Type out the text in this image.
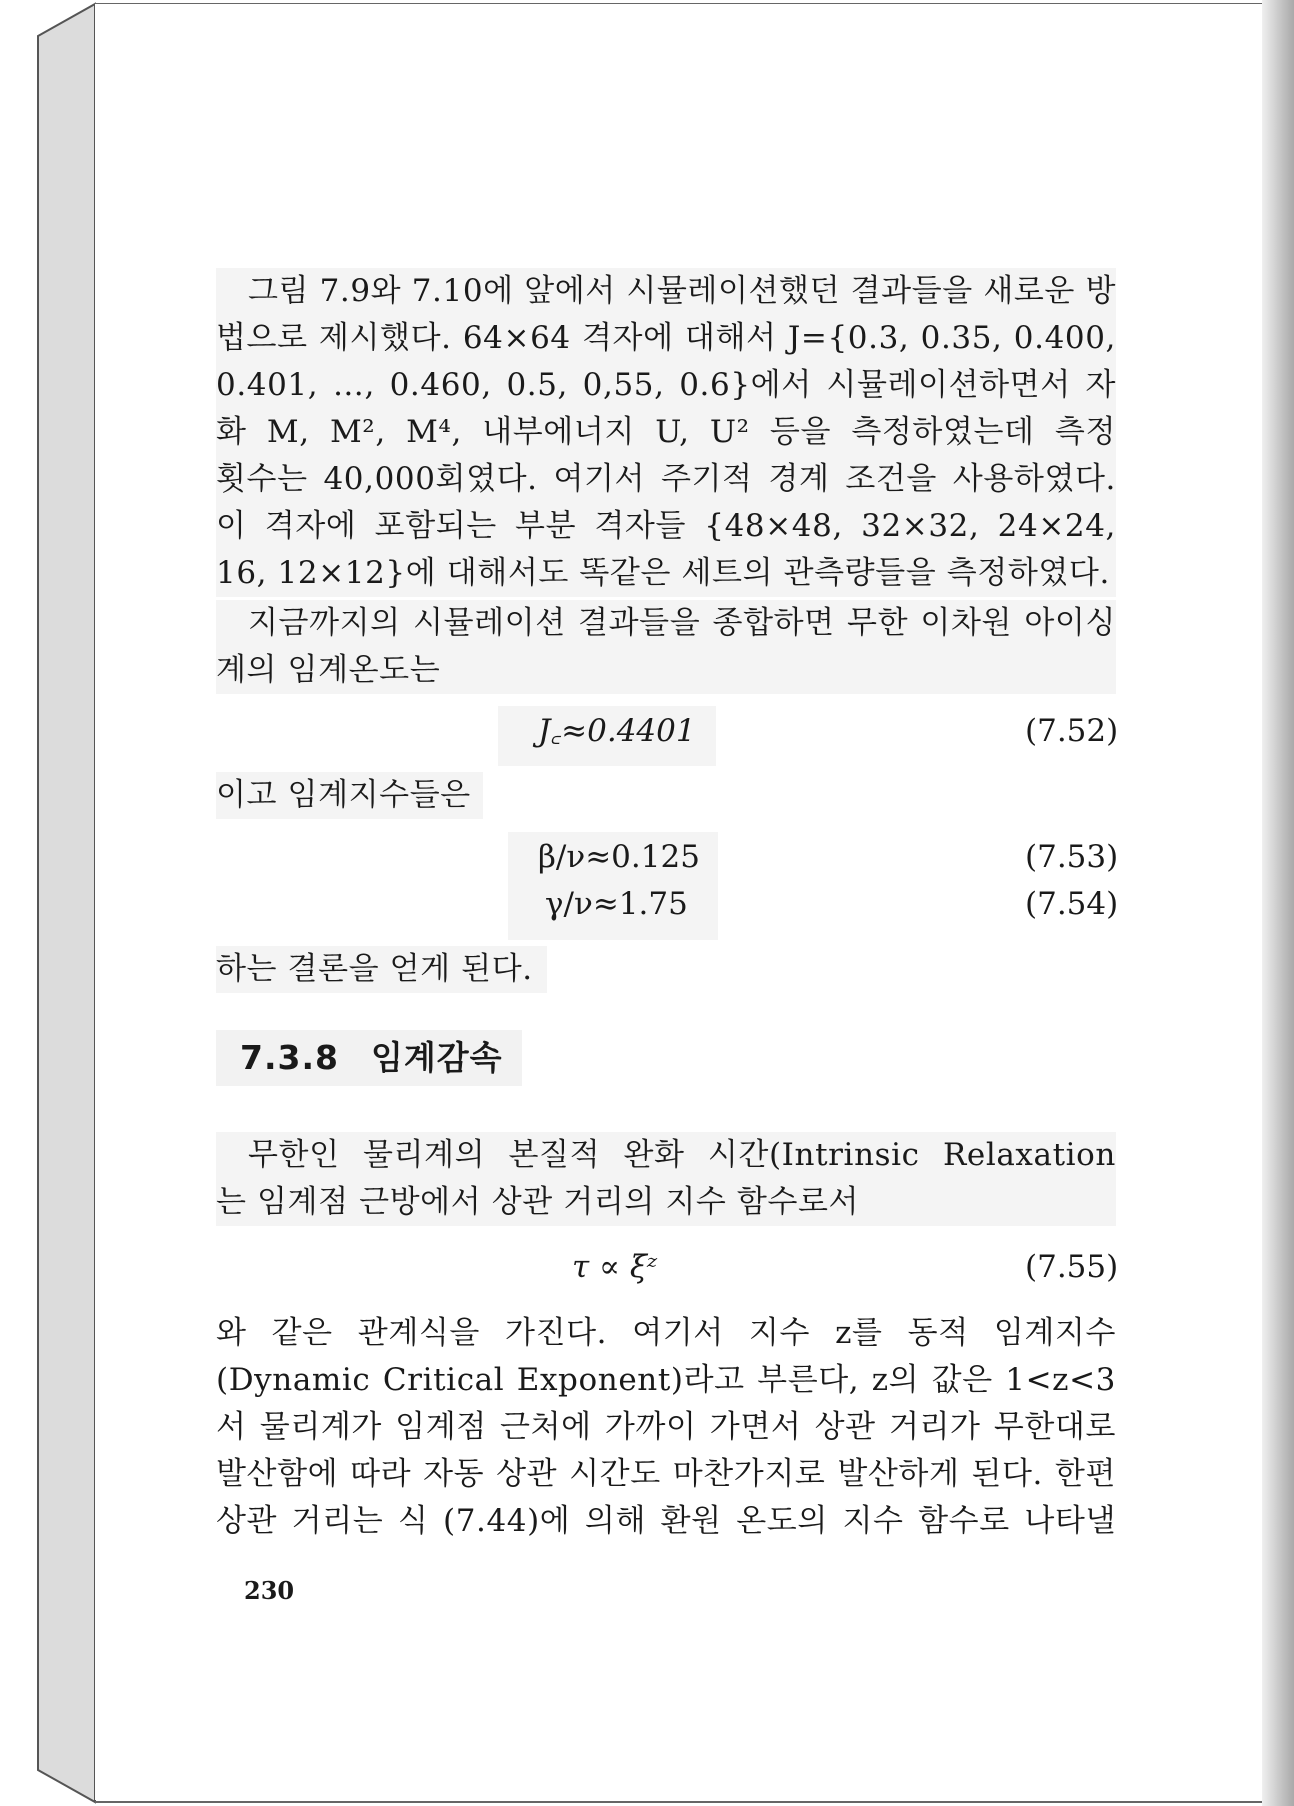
그림 7.9와 7.10에 앞에서 시뮬레이션했던 결과들을 새로운 방
법으로 제시했다. 64×64 격자에 대해서 J={0.3, 0.35, 0.400,
0.401, …, 0.460, 0.5, 0,55, 0.6}에서 시뮬레이션하면서 자
화 M, M², M⁴, 내부에너지 U, U² 등을 측정하였는데 측정
횟수는 40,000회였다. 여기서 주기적 경계 조건을 사용하였다.
이 격자에 포함되는 부분 격자들 {48×48, 32×32, 24×24,
16, 12×12}에 대해서도 똑같은 세트의 관측량들을 측정하였다.
지금까지의 시뮬레이션 결과들을 종합하면 무한 이차원 아이싱
계의 임계온도는
J꜀≈0.4401	(7.52)
이고 임계지수들은
β/ν≈0.125	(7.53)
γ/ν≈1.75	(7.54)
하는 결론을 얻게 된다.
7.3.8 임계감속
무한인 물리계의 본질적 완화 시간(Intrinsic Relaxation
는 임계점 근방에서 상관 거리의 지수 함수로서
τ ∝ ξᶻ	(7.55)
와 같은 관계식을 가진다. 여기서 지수 z를 동적 임계지수
(Dynamic Critical Exponent)라고 부른다, z의 값은 1<z<3
서 물리계가 임계점 근처에 가까이 가면서 상관 거리가 무한대로
발산함에 따라 자동 상관 시간도 마찬가지로 발산하게 된다. 한편
상관 거리는 식 (7.44)에 의해 환원 온도의 지수 함수로 나타낼
230
